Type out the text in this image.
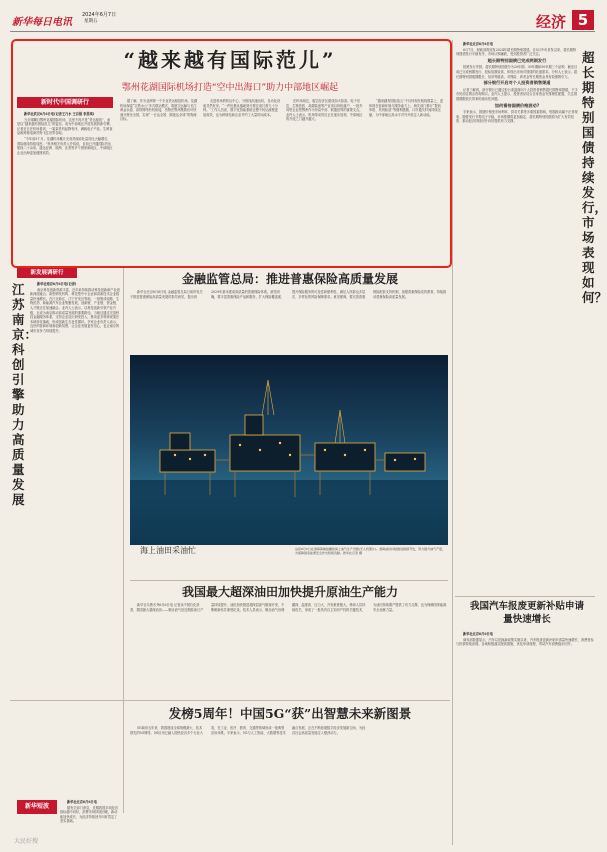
新华每日电讯
2024年6月7日
星期五	经济 5
“越来越有国际范儿”
鄂州花湖国际机场打造“空中出海口”助力中部地区崛起
新时代中国调研行

新华社武汉6月6日电(记者王乃水 王自强 李思琪)

当全球瞩目鄂州花湖国际机场，这里不再只是“货运枢纽”，而是以“越来越有国际范儿”的姿态，成为中部地区开放发展的新引擎。记者近日在机场看到，一架架货机起降有序，满载电子产品、生鲜食品和跨境电商货物飞往世界各地。

“今年前5个月，花湖机场累计完成货邮吞吐量同比大幅增长，国际航线持续加密。”机场相关负责人介绍说，目前已开通国际货运航线二十余条，通达亚洲、欧洲、北美等多个国家和地区，中部地区企业出海更加便捷高效。

据了解，作为亚洲第一个专业货运枢纽机场，花湖机场探索“空铁水公”多式联运模式，将航空运输与长江黄金水道、高铁网络有机衔接，货物在鄂州集散后可快速分拨至全国，实现“一日达全国、隔夜达全球”的物流目标。

走进机场的转运中心，分拣线高速运转，自动化设备井然有序。“一件包裹从落地到分拨完成只需几十分钟。”工作人员说，数字化智能系统让整个转运流程更加高效，也为跨境电商企业节约了大量时间成本。

在机场周边，临空经济区建设如火如荼。电子信息、生物医药、高端装备等产业项目纷纷落户，一批外向型企业把鄂州作为布局中部、联通世界的重要支点。业内人士表示，机场带动效应正在逐步显现，中部地区的开放之门越开越大。

“越来越有国际范儿”不仅体现在航线数量上，更体现在营商环境与服务能力上。海关部门推行“提前申报、货到验放”等便利措施，口岸通关时间持续压缩，为中部地区高水平对外开放注入新动能。

新发展调研行
江苏南京：科创引擎助力高质量发展

新华社南京6月6日电(记者)

南京科技创新资源丰富，近年来持续推动科技创新和产业创新深度融合，新型研发机构、科技型中小企业和高新技术企业数量快速增长。在江北新区、江宁开发区等地，一批集成电路、生物医药、新能源汽车企业集聚发展，创新链、产业链、资金链、人才链正在加速融合。业内人士表示，以科技创新引领产业升级，正成为南京推动高质量发展的重要路径。当地还通过完善科技金融服务体系，支持企业加大研发投入，推动更多科研成果在本地转化落地，形成创新生态良性循环。多家企业负责人表示，良好的营商环境和创新氛围，让企业发展更有信心，也让南京的城市竞争力持续提升。

新华短波

新华社北京6月6日电

据有关部门消息，近期我国多项经济指标稳中向好，消费市场持续回暖，新动能加快成长，为经济持续回升向好奠定了坚实基础。

金融监管总局：推进普惠保险高质量发展

新华社北京6月6日电 金融监管总局日前印发关于推进普惠保险高质量发展的指导意见，提出到2029年基本建成高质量的普惠保险体系。意见明确，要丰富普惠保险产品和服务，扩大保险覆盖面，提升保险服务的可及性和便利性，满足人民群众多层次、多样化的风险保障需求。意见强调，要完善普惠保险配套支持机制，加强普惠保险宣传教育，持续推动普惠保险高质量发展。

海上油田采油忙	这是6月5日在渤海海域拍摄的海上油气生产设施(无人机照片)。渤海油田持续推进勘探开发，努力提升油气产量，为保障国家能源安全作出积极贡献。新华社记者 摄
我国最大超深油田加快提升原油生产能力

新华社乌鲁木齐6月6日电 记者从中国石化获悉，我国最大超深油田——顺北油气田近期原油日产量持续提升，油田加快推进超深层油气勘探开发，不断刷新钻井深度纪录。技术人员表示，顺北油气田埋藏深、温度高、压力大，开发难度极大，科研人员持续攻关，形成了一批具有自主知识产权的关键技术，为油田持续增产提供了有力支撑，也为保障国家能源安全贡献力量。

发榜5周年！中国5G“获”出智慧未来新图景

5G商用五年来，我国建成全球规模最大、技术领先的5G网络，5G应用已融入国民经济多个行业大类，在工业、医疗、教育、交通等领域形成一批典型应用场景。专家表示，5G与人工智能、大数据等技术融合发展，正在不断拓展数字经济发展新空间，为经济社会高质量发展注入强劲动力。

超长期特别国债持续发行，市场表现如何？

新华社北京6月6日电

6月7日，财政部将续发2024年超长期特别国债。自5月中旬首发以来，超长期特别国债发行平稳有序，市场认购踊跃，受到投资者广泛关注。

超长期特别国债已完成两期发行

按照发行安排，超长期特别国债分为20年期、30年期和50年期三个品种，截至目前已完成两期发行，投标倍数较高，体现出市场对国债的旺盛需求。分析人士表示，超长期特别国债期限长、信用等级高，对保险、养老金等长期资金具有较强吸引力。

部分银行开启对个人投资者销售渠道

记者了解到，部分银行已通过柜台渠道面向个人投资者销售超长期特别国债，不少市民前往网点咨询购买。业内人士提示，投资者应结合自身资金安排理性配置，关注国债期限较长带来的流动性问题。

如何看待国债价格波动?

专家表示，国债价格受市场利率、供求关系等多重因素影响，短期波动属于正常现象。随着发行节奏趋于平稳，市场预期将更加稳定，超长期特别国债将为扩大有效投资、推动经济持续回升向好提供有力支撑。

我国汽车报废更新补贴申请量快速增长

新华社北京6月6日电

商务部数据显示，汽车以旧换新政策实施以来，汽车报废更新补贴申请量快速增长，消费者参与热情持续高涨。各地积极落实配套措施，优化申请流程，带动汽车消费稳步回升。

大民好搜
